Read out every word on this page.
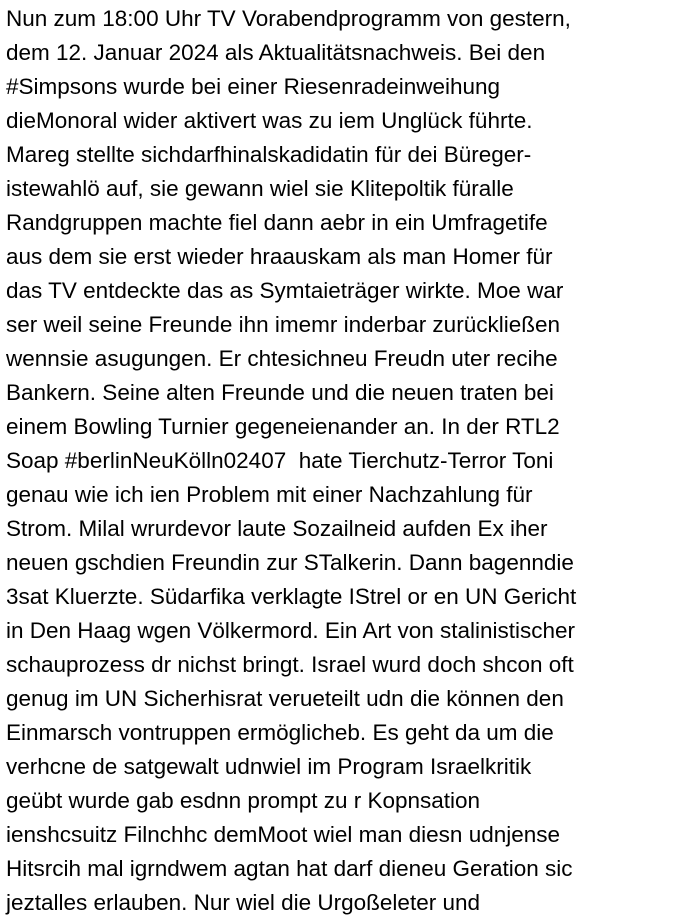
Nun zum 18:00 Uhr TV Vorabendprogramm von gestern,
dem 12. Januar 2024 als Aktualitätsnachweis. Bei den
#Simpsons wurde bei einer Riesenradeinweihung
dieMonoral wider aktivert was zu iem Unglück führte.
Mareg stellte sichdarfhinalskadidatin für dei Büreger-
istewahlö auf, sie gewann wiel sie Klitepoltik füralle
Randgruppen machte fiel dann aebr in ein Umfragetife
aus dem sie erst wieder hraauskam als man Homer für
das TV entdeckte das as Symtaieträger wirkte. Moe war
ser weil seine Freunde ihn imemr inderbar zurückließen
wennsie asugungen. Er chtesichneu Freudn uter recihe
Bankern. Seine alten Freunde und die neuen traten bei
einem Bowling Turnier gegeneienander an. In der RTL2
Soap #berlinNeuKölln02407  hate Tierchutz-Terror Toni
genau wie ich ien Problem mit einer Nachzahlung für
Strom. Milal wrurdevor laute Sozailneid aufden Ex iher
neuen gschdien Freundin zur STalkerin. Dann bagenndie
3sat Kluerzte. Südarfika verklagte IStrel or en UN Gericht
in Den Haag wgen Völkermord. Ein Art von stalinistischer
schauprozess dr nichst bringt. Israel wurd doch shcon oft
genug im UN Sicherhisrat verueteilt udn die können den
Einmarsch vontruppen ermöglicheb. Es geht da um die
verhcne de satgewalt udnwiel im Program Israelkritik
geübt wurde gab esdnn prompt zu r Kopnsation
ienshcsuitz Filnchhc demMoot wiel man diesn udnjense
Hitsrcih mal igrndwem agtan hat darf dieneu Geration sic
jeztalles erlauben. Nur wiel die Urgoßeleter und
